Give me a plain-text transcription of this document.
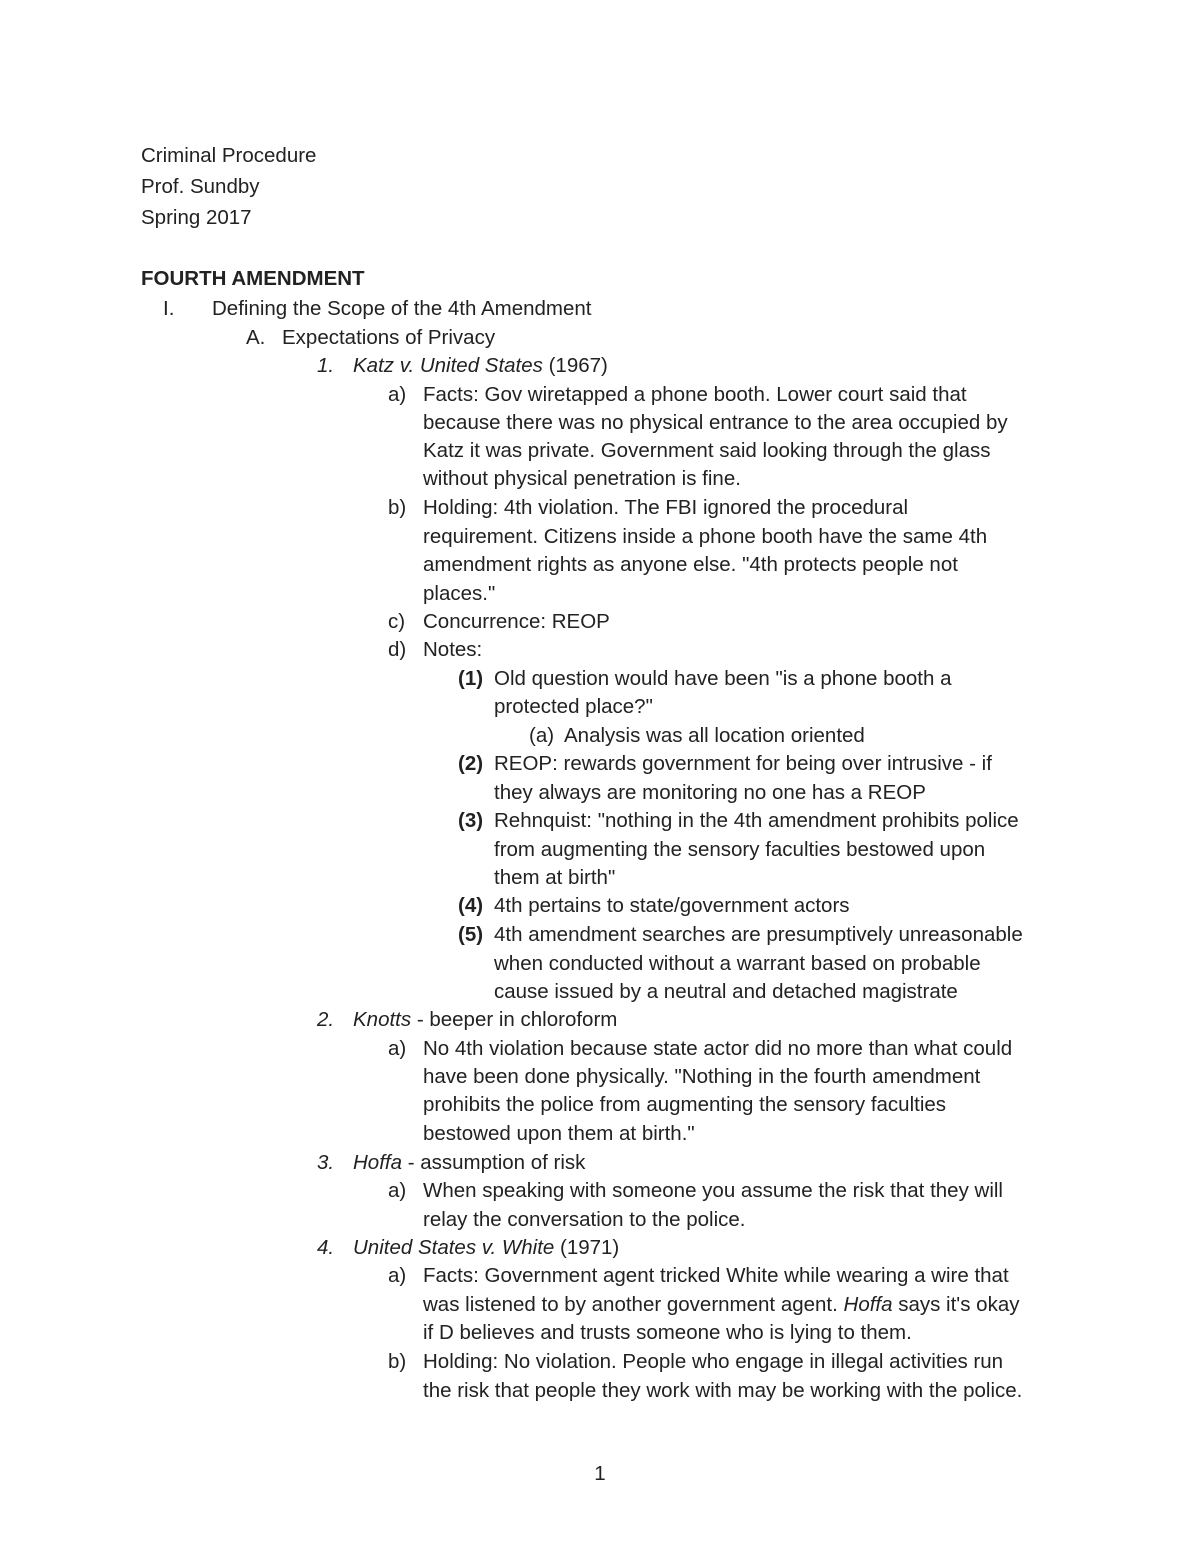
Criminal Procedure
Prof. Sundby
Spring 2017
FOURTH AMENDMENT
I. Defining the Scope of the 4th Amendment
A. Expectations of Privacy
1. Katz v. United States (1967)
a) Facts: Gov wiretapped a phone booth. Lower court said that
because there was no physical entrance to the area occupied by
Katz it was private. Government said looking through the glass
without physical penetration is fine.
b) Holding: 4th violation. The FBI ignored the procedural
requirement. Citizens inside a phone booth have the same 4th
amendment rights as anyone else. "4th protects people not
places."
c) Concurrence: REOP
d) Notes:
(1) Old question would have been "is a phone booth a
protected place?"
(a) Analysis was all location oriented
(2) REOP: rewards government for being over intrusive - if
they always are monitoring no one has a REOP
(3) Rehnquist: "nothing in the 4th amendment prohibits police
from augmenting the sensory faculties bestowed upon
them at birth"
(4) 4th pertains to state/government actors
(5) 4th amendment searches are presumptively unreasonable
when conducted without a warrant based on probable
cause issued by a neutral and detached magistrate
2. Knotts - beeper in chloroform
a) No 4th violation because state actor did no more than what could
have been done physically. "Nothing in the fourth amendment
prohibits the police from augmenting the sensory faculties
bestowed upon them at birth."
3. Hoffa - assumption of risk
a) When speaking with someone you assume the risk that they will
relay the conversation to the police.
4. United States v. White (1971)
a) Facts: Government agent tricked White while wearing a wire that
was listened to by another government agent. Hoffa says it's okay
if D believes and trusts someone who is lying to them.
b) Holding: No violation. People who engage in illegal activities run
the risk that people they work with may be working with the police.
1
